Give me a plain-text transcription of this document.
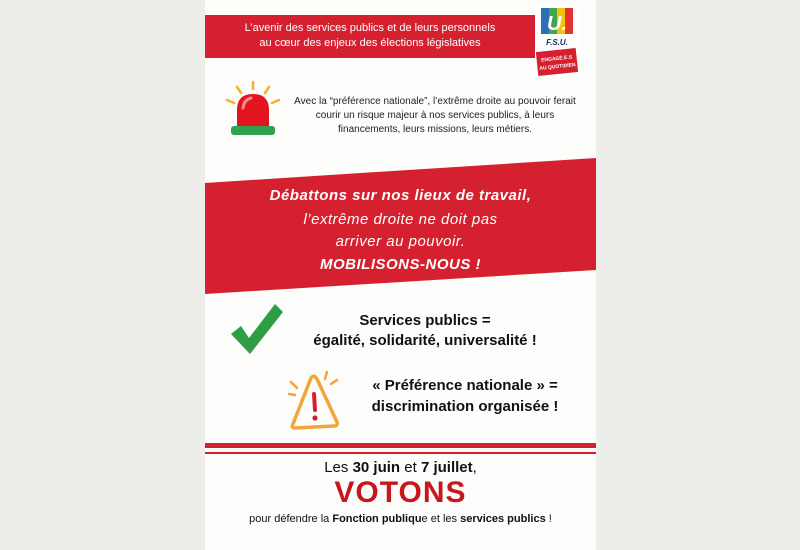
L’avenir des services publics et de leurs personnels
au cœur des enjeux des élections législatives
U.
F.S.U.
ENGAGÉ.E.S
AU QUOTIDIEN
Avec la “préférence nationale”, l’extrême droite au pouvoir ferait courir un risque majeur à nos services publics, à leurs financements, leurs missions, leurs métiers.
Débattons sur nos lieux de travail,
l’extrême droite ne doit pas
arriver au pouvoir.
MOBILISONS-NOUS !
Services publics =
égalité, solidarité, universalité !
« Préférence nationale » =
discrimination organisée !
Les 30 juin et 7 juillet,
VOTONS
pour défendre la Fonction publique et les services publics !
